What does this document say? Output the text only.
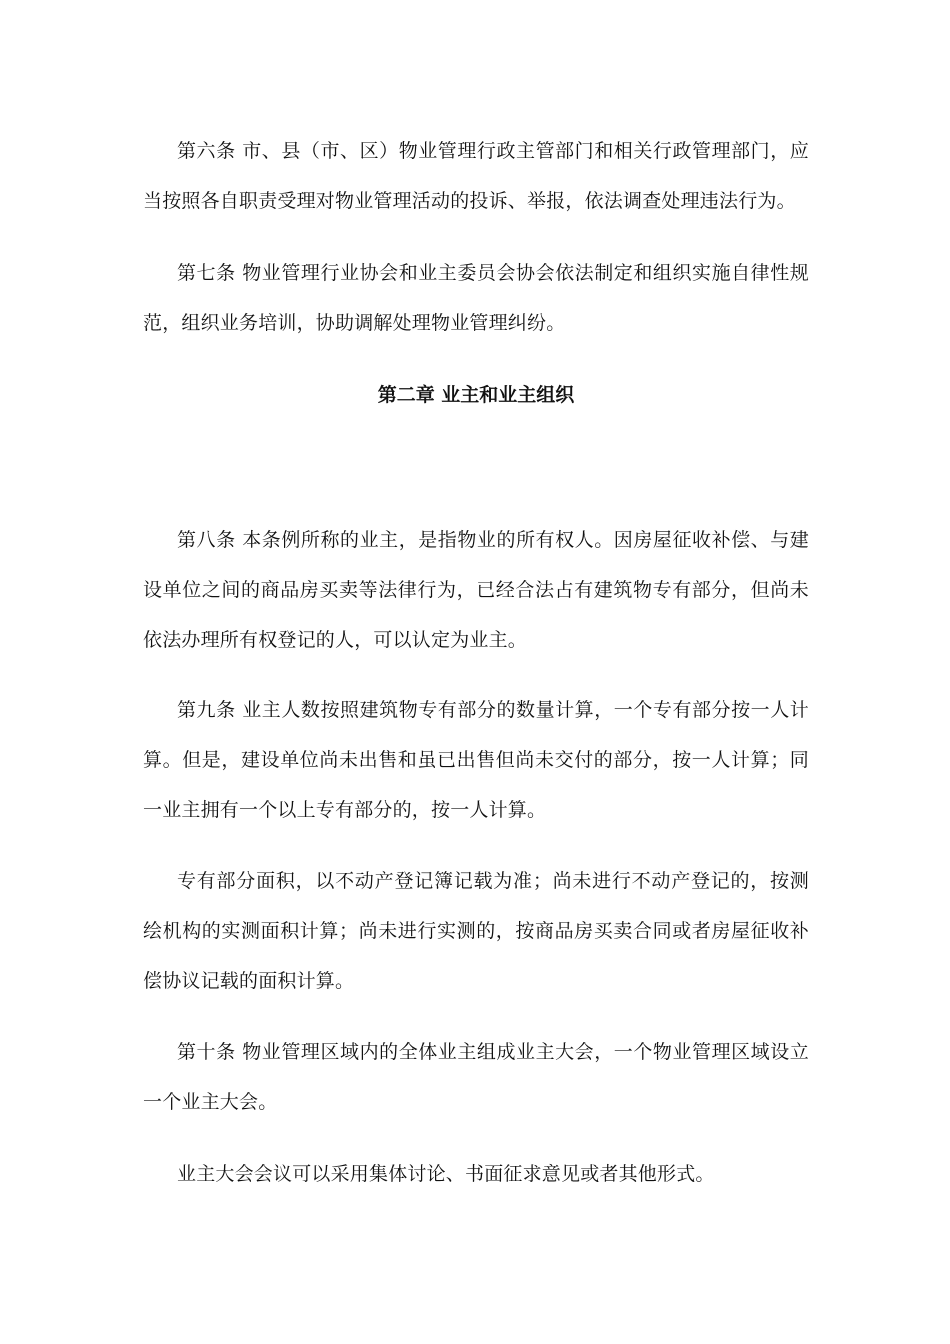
第六条 市、县（市、区）物业管理行政主管部门和相关行政管理部门，应当按照各自职责受理对物业管理活动的投诉、举报，依法调查处理违法行为。

第七条 物业管理行业协会和业主委员会协会依法制定和组织实施自律性规范，组织业务培训，协助调解处理物业管理纠纷。

第二章 业主和业主组织

第八条 本条例所称的业主，是指物业的所有权人。因房屋征收补偿、与建设单位之间的商品房买卖等法律行为，已经合法占有建筑物专有部分，但尚未依法办理所有权登记的人，可以认定为业主。

第九条 业主人数按照建筑物专有部分的数量计算，一个专有部分按一人计算。但是，建设单位尚未出售和虽已出售但尚未交付的部分，按一人计算；同一业主拥有一个以上专有部分的，按一人计算。

专有部分面积，以不动产登记簿记载为准；尚未进行不动产登记的，按测绘机构的实测面积计算；尚未进行实测的，按商品房买卖合同或者房屋征收补偿协议记载的面积计算。

第十条 物业管理区域内的全体业主组成业主大会，一个物业管理区域设立一个业主大会。

业主大会会议可以采用集体讨论、书面征求意见或者其他形式。
